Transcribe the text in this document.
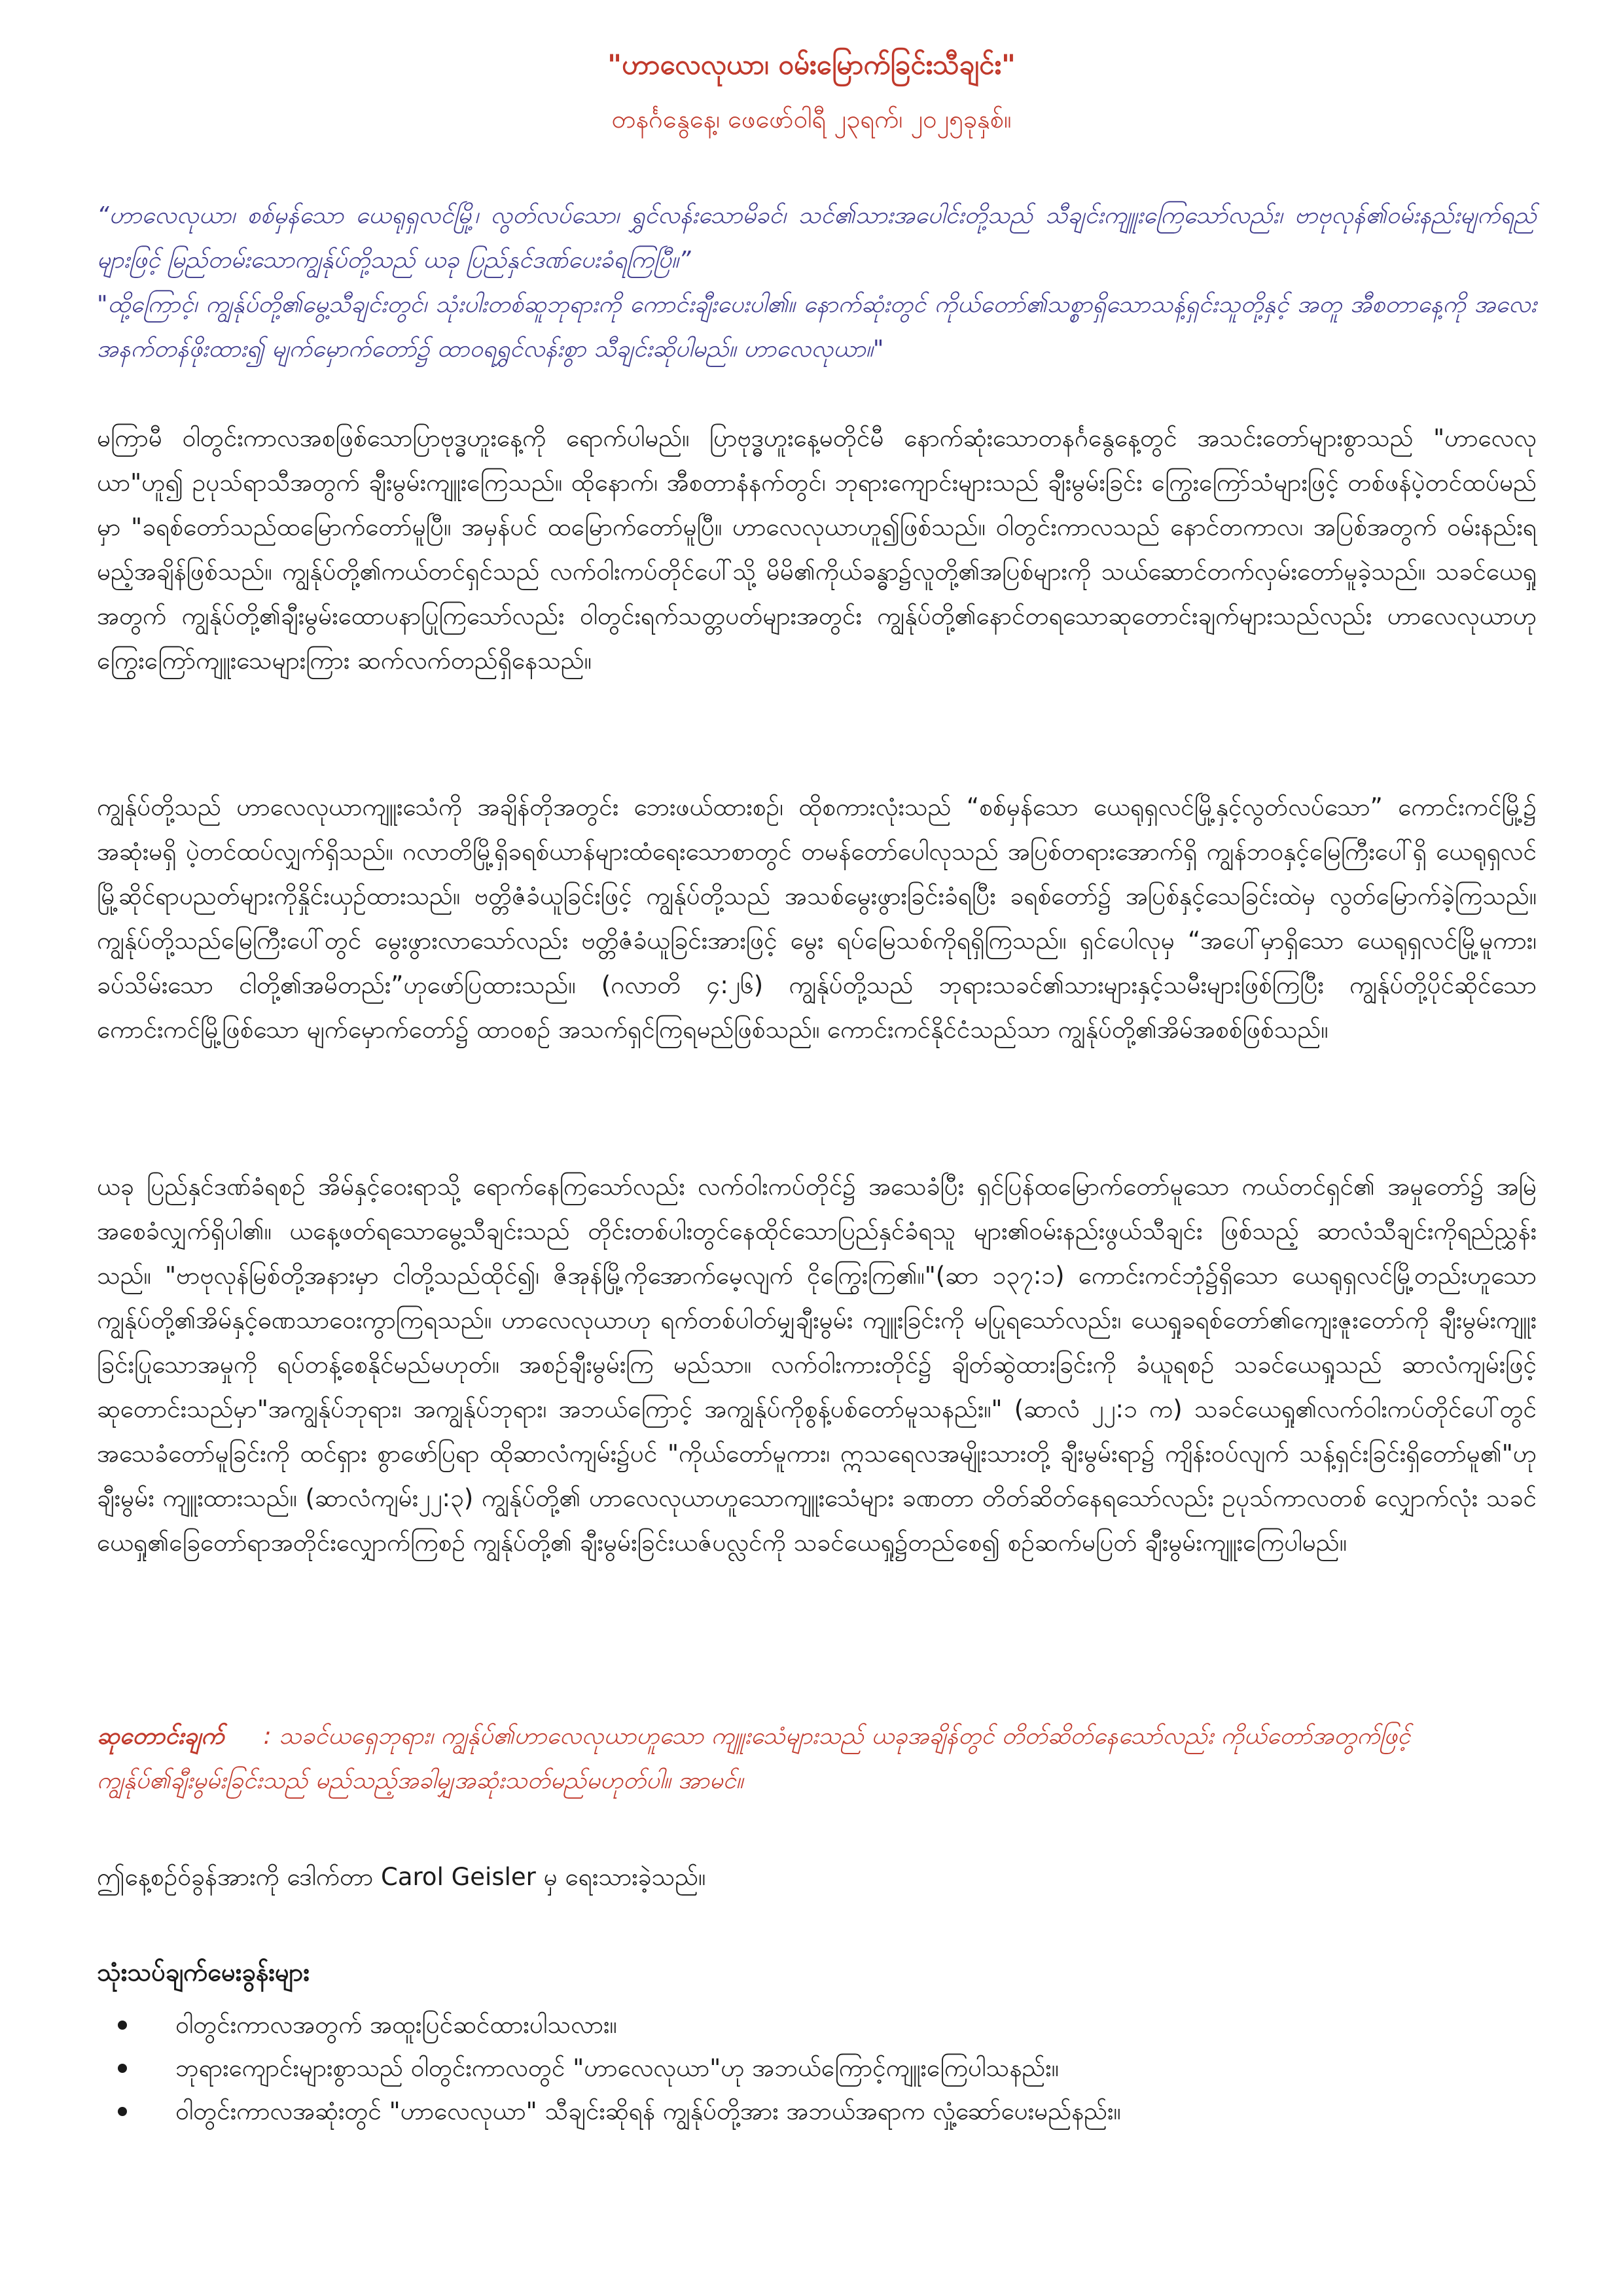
"ဟာလေလုယာ၊ ဝမ်းမြောက်ခြင်းသီချင်း"
တနင်္ဂနွေနေ့၊ ဖေဖော်ဝါရီ ၂၃ရက်၊ ၂၀၂၅ခုနှစ်။

“ဟာလေလုယာ၊ စစ်မှန်သော ယေရုရှလင်မြို့၊ လွတ်လပ်သော၊ ရွှင်လန်းသောမိခင်၊ သင်၏သားအပေါင်းတို့သည် သီချင်းကျူးကြေသော်လည်း၊ ဗာဗုလုန်၏ဝမ်းနည်းမျက်ရည်များဖြင့် မြည်တမ်းသောကျွန်ုပ်တို့သည် ယခု ပြည်နှင်ဒဏ်ပေးခံရကြပြီ။”

"ထို့ကြောင့်၊ ကျွန်ုပ်တို့၏မွေ့သီချင်းတွင်၊ သုံးပါးတစ်ဆူဘုရားကို ကောင်းချီးပေးပါ၏။ နောက်ဆုံးတွင် ကိုယ်တော်၏သစ္စာရှိသောသန့်ရှင်းသူတို့နှင့် အတူ အီစတာနေ့ကို အလေးအနက်တန်ဖိုးထား၍ မျက်မှောက်တော်၌ ထာဝရရွှင်လန်းစွာ သီချင်းဆိုပါမည်။ ဟာလေလုယာ။"

မကြာမီ ဝါတွင်းကာလအစဖြစ်သောပြာဗုဒ္ဓဟူးနေ့ကို ရောက်ပါမည်။ ပြာဗုဒ္ဓဟူးနေ့မတိုင်မီ နောက်ဆုံးသောတနင်္ဂနွေနေ့တွင် အသင်းတော်များစွာသည် "ဟာလေလုယာ"ဟူ၍ ဥပုသ်ရာသီအတွက် ချီးမွမ်းကျူးကြေသည်။ ထိုနောက်၊ အီစတာနံနက်တွင်၊ ဘုရားကျောင်းများသည် ချီးမွမ်းခြင်း ကြွေးကြော်သံများဖြင့် တစ်ဖန်ပဲ့တင်ထပ်မည်မှာ "ခရစ်တော်သည်ထမြောက်တော်မူပြီ။ အမှန်ပင် ထမြောက်တော်မူပြီ။ ဟာလေလုယာဟူ၍ဖြစ်သည်။ ဝါတွင်းကာလသည် နောင်တကာလ၊ အပြစ်အတွက် ဝမ်းနည်းရမည့်အချိန်ဖြစ်သည်။ ကျွန်ုပ်တို့၏ကယ်တင်ရှင်သည် လက်ဝါးကပ်တိုင်ပေါ်သို့ မိမိ၏ကိုယ်ခန္ဓာ၌လူတို့၏အပြစ်များကို သယ်ဆောင်တက်လှမ်းတော်မူခဲ့သည်။ သခင်ယေရှုအတွက် ကျွန်ုပ်တို့၏ချီးမွမ်းထောပနာပြုကြသော်လည်း ဝါတွင်းရက်သတ္တပတ်များအတွင်း ကျွန်ုပ်တို့၏နောင်တရသောဆုတောင်းချက်များသည်လည်း ဟာလေလုယာဟု ကြွေးကြော်ကျူးသေများကြား ဆက်လက်တည်ရှိနေသည်။
ကျွန်ုပ်တို့သည် ဟာလေလုယာကျူးသေံကို အချိန်တိုအတွင်း ဘေးဖယ်ထားစဉ်၊ ထိုစကားလုံးသည် “စစ်မှန်သော ယေရုရှလင်မြို့နှင့်လွတ်လပ်သော” ကောင်းကင်မြို့၌ အဆုံးမရှိ ပဲ့တင်ထပ်လျှက်ရှိသည်။ ဂလာတိမြို့ရှိခရစ်ယာန်များထံရေးသောစာတွင် တမန်တော်ပေါလုသည် အပြစ်တရားအောက်ရှိ ကျွန်ဘဝနှင့်မြေကြီးပေါ်ရှိ ယေရုရှလင်မြို့ဆိုင်ရာပညတ်များကိုနှိုင်းယှဉ်ထားသည်။ ဗတ္တိဇံခံယူခြင်းဖြင့် ကျွန်ုပ်တို့သည် အသစ်မွေးဖွားခြင်းခံရပြီး ခရစ်တော်၌ အပြစ်နှင့်သေခြင်းထဲမှ လွတ်မြောက်ခဲ့ကြသည်။ ကျွန်ုပ်တို့သည်မြေကြီးပေါ်တွင် မွေးဖွားလာသော်လည်း ဗတ္တိဇံခံယူခြင်းအားဖြင့် မွေး ရပ်မြေသစ်ကိုရရှိကြသည်။ ရှင်ပေါလုမှ “အပေါ်မှာရှိသော ယေရုရှလင်မြို့မူကား၊ ခပ်သိမ်းသော ငါတို့၏အမိတည်း”ဟုဖော်ပြထားသည်။ (ဂလာတိ ၄:၂၆) ကျွန်ုပ်တို့သည် ဘုရားသခင်၏သားများနှင့်သမီးများဖြစ်ကြပြီး ကျွန်ုပ်တို့ပိုင်ဆိုင်သော ကောင်းကင်မြို့ဖြစ်သော မျက်မှောက်တော်၌ ထာဝစဉ် အသက်ရှင်ကြရမည်ဖြစ်သည်။ ကောင်းကင်နိုင်ငံသည်သာ ကျွန်ုပ်တို့၏အိမ်အစစ်ဖြစ်သည်။
ယခု ပြည်နှင်ဒဏ်ခံရစဉ် အိမ်နှင့်ဝေးရာသို့ ရောက်နေကြသော်လည်း လက်ဝါးကပ်တိုင်၌ အသေခံပြီး ရှင်ပြန်ထမြောက်တော်မူသော ကယ်တင်ရှင်၏ အမှုတော်၌ အမြဲအစေခံလျှက်ရှိပါ၏။ ယနေ့ဖတ်ရသောမွေ့သီချင်းသည် တိုင်းတစ်ပါးတွင်နေထိုင်သောပြည်နှင်ခံရသူ များ၏ဝမ်းနည်းဖွယ်သီချင်း ဖြစ်သည့် ဆာလံသီချင်းကိုရည်ညွှန်းသည်။ "ဗာဗုလုန်မြစ်တို့အနားမှာ ငါတို့သည်ထိုင်၍၊ ဇိအုန်မြို့ကိုအောက်မေ့လျက် ငိုကြွေးကြ၏။"(ဆာ ၁၃၇:၁) ကောင်းကင်ဘုံ၌ရှိသော ယေရုရှလင်မြို့တည်းဟူသော ကျွန်ုပ်တို့၏အိမ်နှင့်ဓဏသာဝေးကွာကြရသည်။ ဟာလေလုယာဟု ရက်တစ်ပါတ်မျှချီးမွမ်း ကျူးခြင်းကို မပြုရသော်လည်း၊ ယေရှုခရစ်တော်၏ကျေးဇူးတော်ကို ချီးမွမ်းကျူးခြင်းပြုသောအမှုကို ရပ်တန့်စေနိုင်မည်မဟုတ်။ အစဉ်ချီးမွမ်းကြ မည်သာ။ လက်ဝါးကားတိုင်၌ ချိတ်ဆွဲထားခြင်းကို ခံယူရစဉ် သခင်ယေရှုသည် ဆာလံကျမ်းဖြင့်ဆုတောင်းသည်မှာ"အကျွန်ုပ်ဘုရား၊ အကျွန်ုပ်ဘုရား၊ အဘယ်ကြောင့် အကျွန်ုပ်ကိုစွန့်ပစ်တော်မူသနည်း။" (ဆာလံ ၂၂:၁ က) သခင်ယေရှု၏လက်ဝါးကပ်တိုင်ပေါ်တွင် အသေခံတော်မူခြင်းကို ထင်ရှား စွာဖော်ပြရာ ထိုဆာလံကျမ်း၌ပင် "ကိုယ်တော်မူကား၊ ဣသရေလအမျိုးသားတို့ ချီးမွမ်းရာ၌ ကျိန်းဝပ်လျက် သန့်ရှင်းခြင်းရှိတော်မူ၏"ဟု ချီးမွမ်း ကျူးထားသည်။ (ဆာလံကျမ်း၂၂:၃) ကျွန်ုပ်တို့၏ ဟာလေလုယာဟူသောကျူးသေံများ ခဏတာ တိတ်ဆိတ်နေရသော်လည်း ဥပုသ်ကာလတစ် လျှောက်လုံး သခင်ယေရှု၏ခြေတော်ရာအတိုင်းလျှောက်ကြစဉ် ကျွန်ုပ်တို့၏ ချီးမွမ်းခြင်းယဇ်ပလ္လင်ကို သခင်ယေရှု၌တည်စေ၍ စဉ်ဆက်မပြတ် ချီးမွမ်းကျူးကြေပါမည်။
ဆုတောင်းချက် : သခင်ယရှေဘုရား၊ ကျွန်ုပ်၏ဟာလေလုယာဟူသော ကျူးသေံများသည် ယခုအချိန်တွင် တိတ်ဆိတ်နေသော်လည်း ကိုယ်တော်အတွက်ဖြင့် ကျွန်ုပ်၏ချီးမွမ်းခြင်းသည် မည်သည့်အခါမျှအဆုံးသတ်မည်မဟုတ်ပါ။ အာမင်။
ဤနေ့စဉ်ဝ်ခွန်အားကို ဒေါက်တာ Carol Geisler မှ ရေးသားခဲ့သည်။
သုံးသပ်ချက်မေးခွန်းများ
ဝါတွင်းကာလအတွက် အထူးပြင်ဆင်ထားပါသလား။
ဘုရားကျောင်းများစွာသည် ဝါတွင်းကာလတွင် "ဟာလေလုယာ"ဟု အဘယ်ကြောင့်ကျူးကြေပါသနည်း။
ဝါတွင်းကာလအဆုံးတွင် "ဟာလေလုယာ" သီချင်းဆိုရန် ကျွန်ုပ်တို့အား အဘယ်အရာက လှုံ့ဆော်ပေးမည်နည်း။
